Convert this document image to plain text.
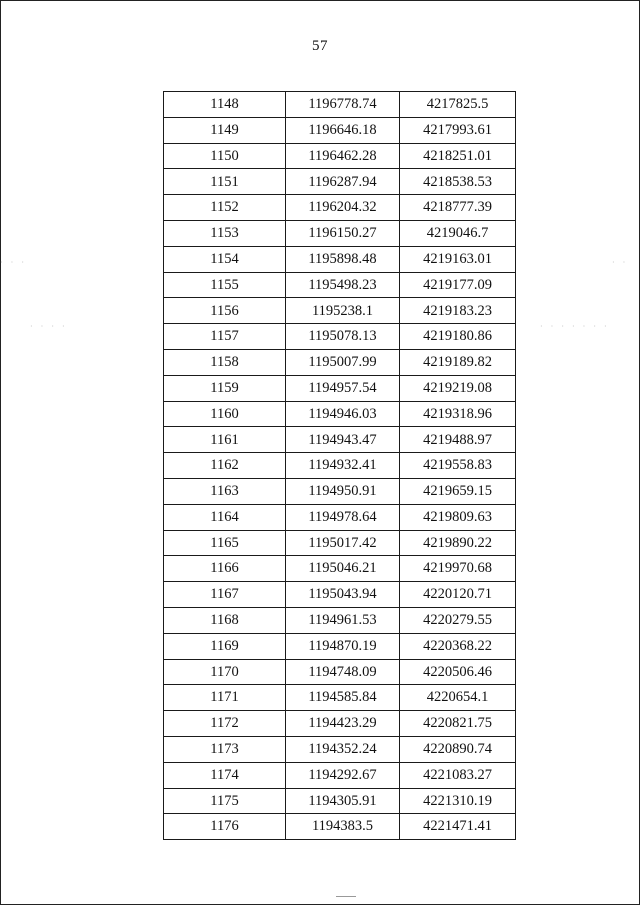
57
1148	1196778.74	4217825.5
1149	1196646.18	4217993.61
1150	1196462.28	4218251.01
1151	1196287.94	4218538.53
1152	1196204.32	4218777.39
1153	1196150.27	4219046.7
1154	1195898.48	4219163.01
1155	1195498.23	4219177.09
1156	1195238.1	4219183.23
1157	1195078.13	4219180.86
1158	1195007.99	4219189.82
1159	1194957.54	4219219.08
1160	1194946.03	4219318.96
1161	1194943.47	4219488.97
1162	1194932.41	4219558.83
1163	1194950.91	4219659.15
1164	1194978.64	4219809.63
1165	1195017.42	4219890.22
1166	1195046.21	4219970.68
1167	1195043.94	4220120.71
1168	1194961.53	4220279.55
1169	1194870.19	4220368.22
1170	1194748.09	4220506.46
1171	1194585.84	4220654.1
1172	1194423.29	4220821.75
1173	1194352.24	4220890.74
1174	1194292.67	4221083.27
1175	1194305.91	4221310.19
1176	1194383.5	4221471.41
· · ·	· ·
· · · ·	· · · · · · ·
